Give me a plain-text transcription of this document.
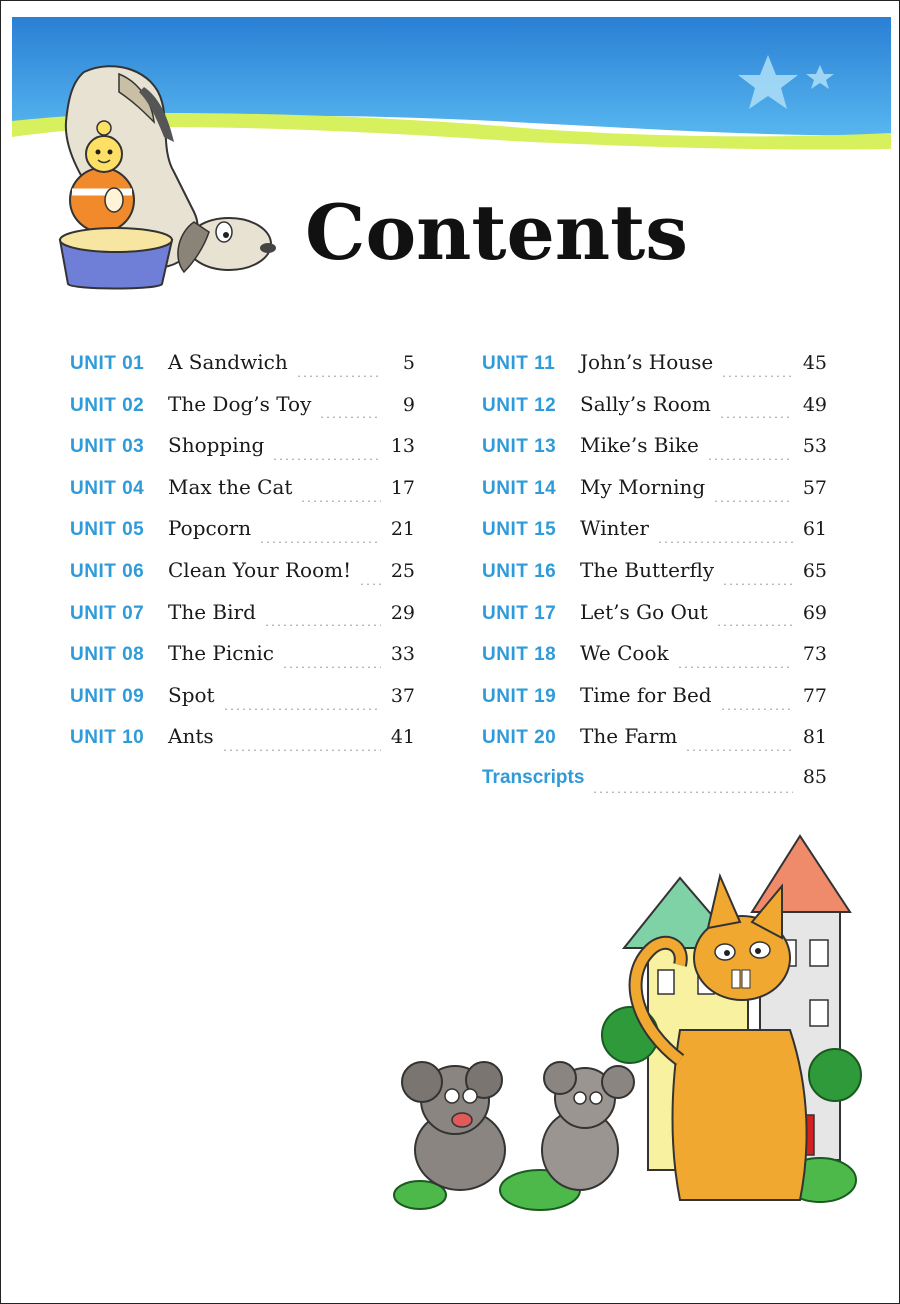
Contents
UNIT 01	A Sandwich	5
UNIT 02	The Dog’s Toy	9
UNIT 03	Shopping	13
UNIT 04	Max the Cat	17
UNIT 05	Popcorn	21
UNIT 06	Clean Your Room! 25
UNIT 07	The Bird	29
UNIT 08	The Picnic	33
UNIT 09	Spot	37
UNIT 10	Ants	41
UNIT 11	John’s House	45
UNIT 12	Sally’s Room	49
UNIT 13	Mike’s Bike	53
UNIT 14	My Morning	57
UNIT 15	Winter	61
UNIT 16	The Butterfly	65
UNIT 17	Let’s Go Out	69
UNIT 18	We Cook	73
UNIT 19	Time for Bed	77
UNIT 20	The Farm	81
Transcripts	85
